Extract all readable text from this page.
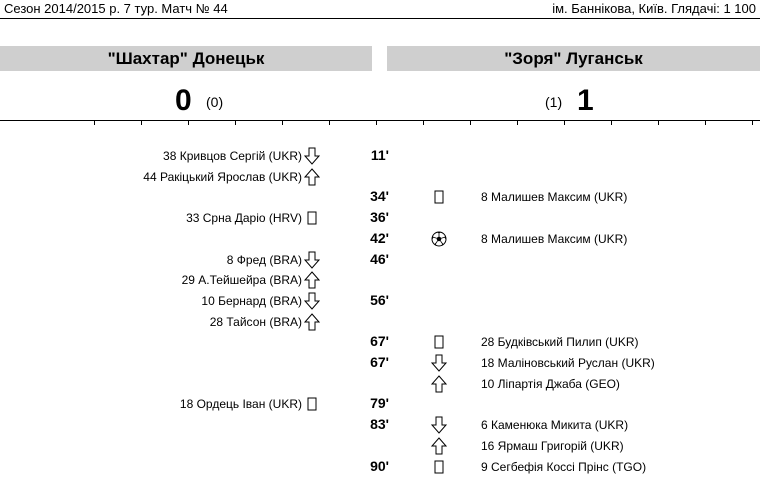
Сезон 2014/2015 р. 7 тур. Матч № 44	ім. Баннікова, Київ. Глядачі: 1 100
"Шахтар" Донецьк	"Зоря" Луганськ
0 (0)	(1) 1
38 Кривцов Сергій (UKR)	11'
44 Ракіцький Ярослав (UKR)
34'	8 Малишев Максим (UKR)
33 Срна Даріо (HRV)	36'
42'	8 Малишев Максим (UKR)
8 Фред (BRA)	46'
29 А.Тейшейра (BRA)
10 Бернард (BRA)	56'
28 Тайсон (BRA)
67'	28 Будківський Пилип (UKR)
67'	18 Маліновський Руслан (UKR)
10 Ліпартія Джаба (GEO)
18 Ордець Іван (UKR)	79'
83'	6 Каменюка Микита (UKR)
16 Ярмаш Григорій (UKR)
90'	9 Сегбефія Коссі Прінс (TGO)
